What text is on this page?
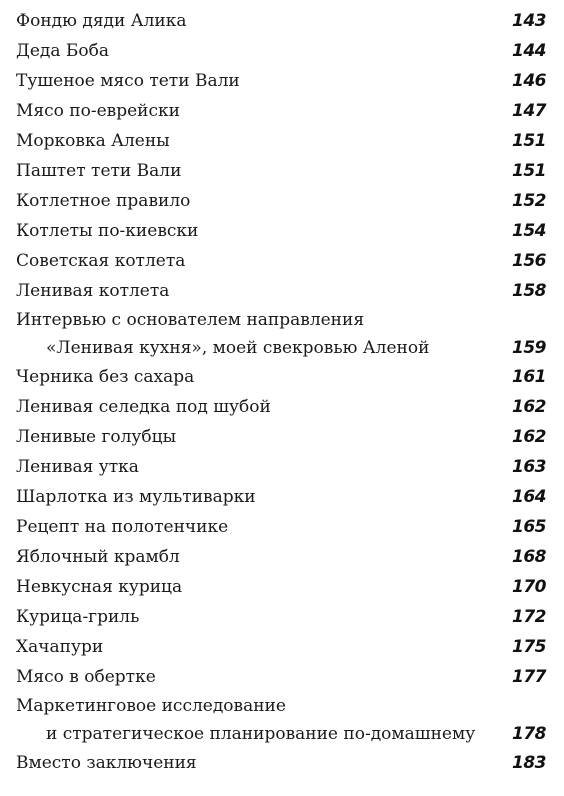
Фондю дяди Алика	143
Деда Боба	144
Тушеное мясо тети Вали	146
Мясо по-еврейски	147
Морковка Алены	151
Паштет тети Вали	151
Котлетное правило	152
Котлеты по-киевски	154
Советская котлета	156
Ленивая котлета	158
Интервью с основателем направления
«Ленивая кухня», моей свекровью Аленой	159
Черника без сахара	161
Ленивая селедка под шубой	162
Ленивые голубцы	162
Ленивая утка	163
Шарлотка из мультиварки	164
Рецепт на полотенчике	165
Яблочный крамбл	168
Невкусная курица	170
Курица-гриль	172
Хачапури	175
Мясо в обертке	177
Маркетинговое исследование
и стратегическое планирование по-домашнему	178
Вместо заключения	183
